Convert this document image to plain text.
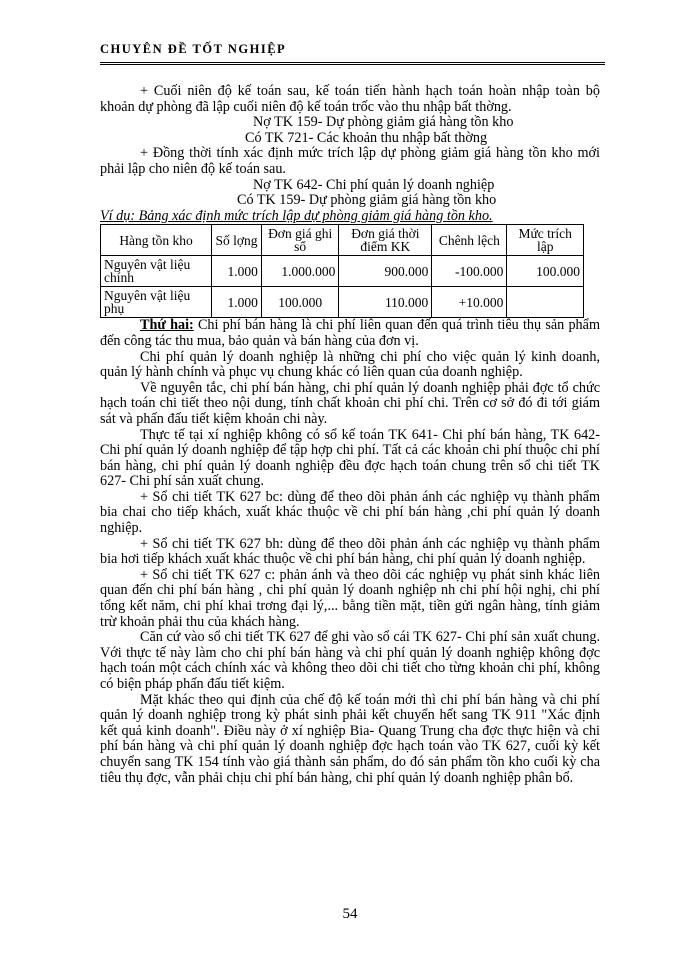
CHUYÊN ĐỀ TỐT NGHIỆP

+ Cuối niên độ kế toán sau, kế toán tiến hành hạch toán hoàn nhập toàn bộ khoản dự phòng đã lập cuối niên độ kế toán trốc vào thu nhập bất thờng.

Nợ TK 159- Dự phòng giảm giá hàng tồn kho

Có TK 721- Các khoản thu nhập bất thờng

+ Đồng thời tính xác định mức trích lập dự phòng giảm giá hàng tồn kho mới phải lập cho niên độ kế toán sau.

Nợ TK 642- Chi phí quản lý doanh nghiệp

Có TK 159- Dự phòng giảm giá hàng tồn kho

Ví dụ: Bảng xác định mức trích lập dự phòng giảm giá hàng tồn kho.

Hàng tồn kho	Số lợng	Đơn giá ghi sổ	Đơn giá thời điểm KK	Chênh lệch	Mức trích lập
Nguyên vật liệu chính	1.000	1.000.000	900.000	-100.000	100.000
Nguyên vật liệu phụ	1.000	100.000	110.000	+10.000	

Thứ hai: Chi phí bán hàng là chi phí liên quan đến quá trình tiêu thụ sản phẩm đến công tác thu mua, bảo quản và bán hàng của đơn vị.

Chi phí quản lý doanh nghiệp là những chi phí cho việc quản lý kinh doanh, quản lý hành chính và phục vụ chung khác có liên quan của doanh nghiệp.

Về nguyên tắc, chi phí bán hàng, chi phí quản lý doanh nghiệp phải đợc tổ chức hạch toán chi tiết theo nội dung, tính chất khoản chi phí chi. Trên cơ sở đó đi tới giám sát và phấn đấu tiết kiệm khoản chi này.

Thực tế tại xí nghiệp không có sổ kế toán TK 641- Chi phí bán hàng, TK 642- Chi phí quản lý doanh nghiệp để tập hợp chi phí. Tất cả các khoản chi phí thuộc chi phí bán hàng, chi phí quản lý doanh nghiệp đều đợc hạch toán chung trên sổ chi tiết TK 627- Chi phí sản xuất chung.

+ Sổ chi tiết TK 627 bc: dùng để theo dõi phản ánh các nghiệp vụ thành phẩm bia chai cho tiếp khách, xuất khác thuộc về chi phí bán hàng ,chi phí quản lý doanh nghiệp.

+ Sổ chi tiết TK 627 bh: dùng để theo dõi phản ánh các nghiệp vụ thành phẩm bia hơi tiếp khách xuất khác thuộc về chi phí bán hàng, chi phí quản lý doanh nghiệp.

+ Sổ chi tiết TK 627 c: phản ánh và theo dõi các nghiệp vụ phát sinh khác liên quan đến chi phí bán hàng , chi phí quản lý doanh nghiệp nh chi phí hội nghị, chi phí tổng kết năm, chi phí khai trơng đại lý,... bằng tiền mặt, tiền gửi ngân hàng, tính giảm trừ khoản phải thu của khách hàng.

Căn cứ vào sổ chi tiết TK 627 để ghi vào sổ cái TK 627- Chi phí sản xuất chung. Với thực tế này làm cho chi phí bán hàng và chi phí quản lý doanh nghiệp không đợc hạch toán một cách chính xác và không theo dõi chi tiết cho từng khoản chi phí, không có biện pháp phấn đấu tiết kiệm.

Mặt khác theo qui định của chế độ kế toán mới thì chi phí bán hàng và chi phí quản lý doanh nghiệp trong kỳ phát sinh phải kết chuyển hết sang TK 911 "Xác định kết quả kinh doanh". Điều này ở xí nghiệp Bia- Quang Trung cha đợc thực hiện và chi phí bán hàng và chi phí quản lý doanh nghiệp đợc hạch toán vào TK 627, cuối kỳ kết chuyển sang TK 154 tính vào giá thành sản phẩm, do đó sản phẩm tồn kho cuối kỳ cha tiêu thụ đợc, vẫn phải chịu chi phí bán hàng, chi phí quản lý doanh nghiệp phân bổ.

54
